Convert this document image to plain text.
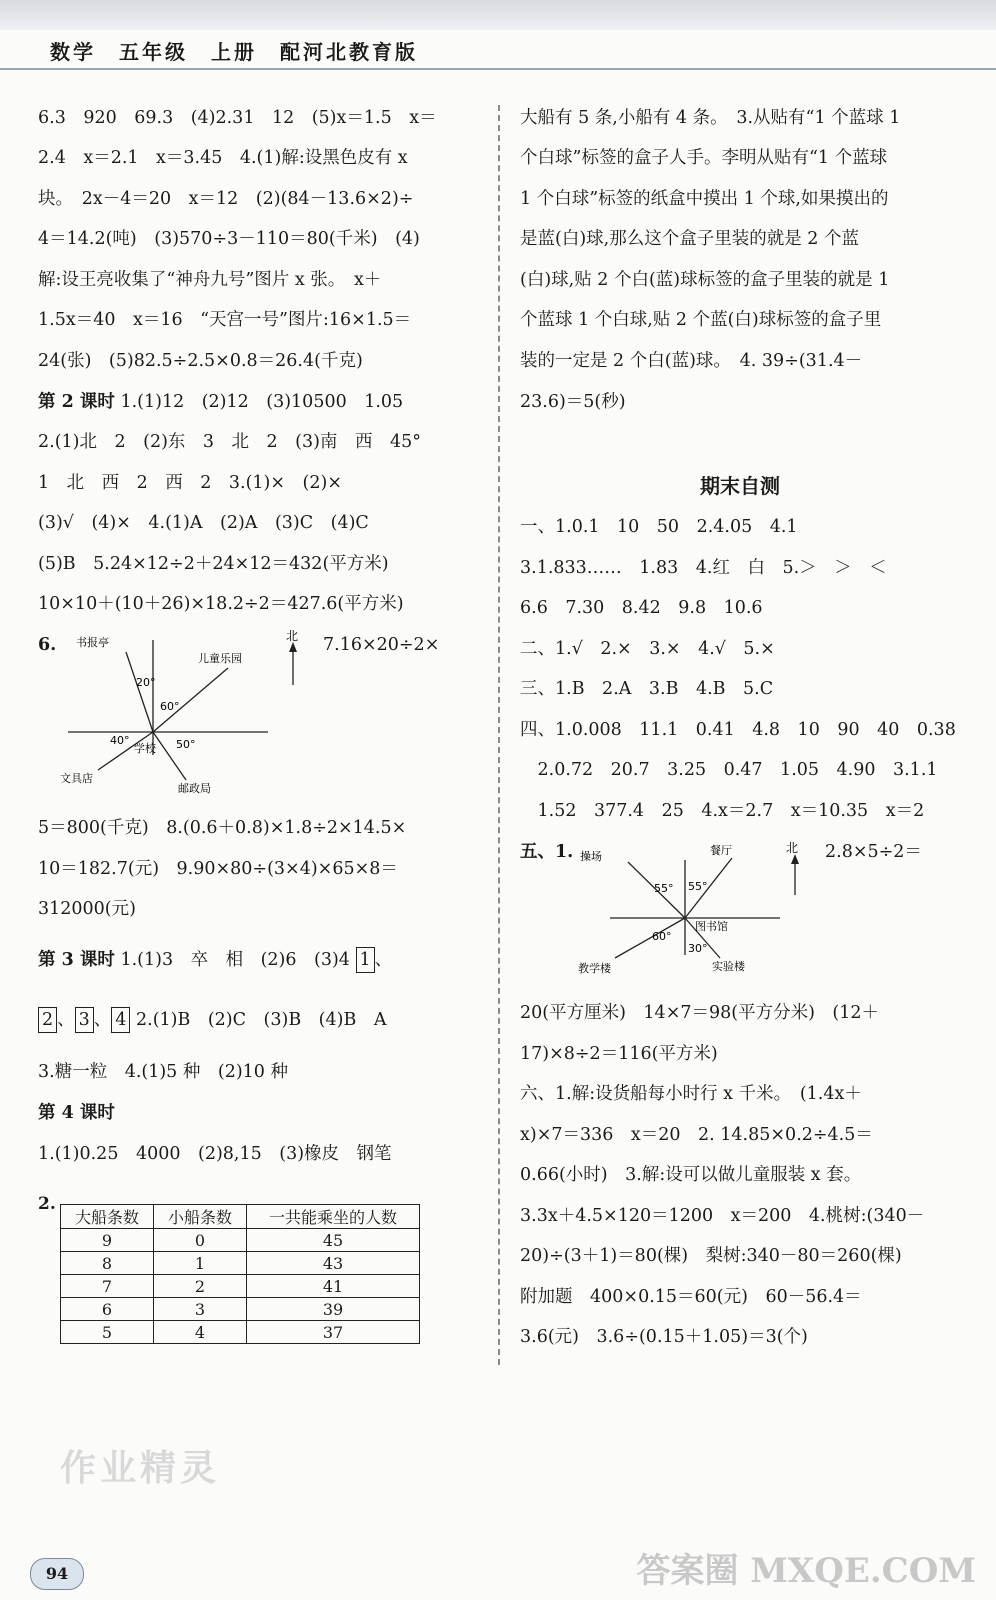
数学　五年级　上册　配河北教育版
6.3　920　69.3　(4)2.31　12　(5)x＝1.5　x＝
2.4　x＝2.1　x＝3.45　4.(1)解:设黑色皮有 x
块。　2x－4＝20　x＝12　(2)(84－13.6×2)÷
4＝14.2(吨)　(3)570÷3－110＝80(千米)　(4)
解:设王亮收集了“神舟九号”图片 x 张。　x＋
1.5x＝40　x＝16　“天宫一号”图片:16×1.5＝
24(张)　(5)82.5÷2.5×0.8＝26.4(千克)
第 2 课时 1.(1)12　(2)12　(3)10500　1.05
2.(1)北　2　(2)东　3　北　2　(3)南　西　45°
1　北　西　2　西　2　3.(1)×　(2)×
(3)√　(4)×　4.(1)A　(2)A　(3)C　(4)C
(5)B　5.24×12÷2＋24×12＝432(平方米)
10×10＋(10＋26)×18.2÷2＝427.6(平方米)
6.	7.16×20÷2×
书报亭
儿童乐园
北
文具店
学校
邮政局
20°
60°
40°	50°
5＝800(千克)　8.(0.6＋0.8)×1.8÷2×14.5×
10＝182.7(元)　9.90×80÷(3×4)×65×8＝
312000(元)
第 3 课时 1.(1)3　卒　相　(2)6　(3)4 1 、
2 、 3 、 4 2.(1)B　(2)C　(3)B　(4)B　A
3.糖一粒　4.(1)5 种　(2)10 种
第 4 课时
1.(1)0.25　4000　(2)8,15　(3)橡皮　钢笔
2.
大船条数	小船条数	一共能乘坐的人数
9	0	45
8	1	43
7	2	41
6	3	39
5	4	37
大船有 5 条,小船有 4 条。　3.从贴有“1 个蓝球 1
个白球”标签的盒子人手。李明从贴有“1 个蓝球
1 个白球”标签的纸盒中摸出 1 个球,如果摸出的
是蓝(白)球,那么这个盒子里装的就是 2 个蓝
(白)球,贴 2 个白(蓝)球标签的盒子里装的就是 1
个蓝球 1 个白球,贴 2 个蓝(白)球标签的盒子里
装的一定是 2 个白(蓝)球。　4. 39÷(31.4－
23.6)＝5(秒)
期末自测
一、1.0.1　10　50　2.4.05　4.1
3.1.833……　1.83　4.红　白　5.＞　＞　＜
6.6　7.30　8.42　9.8　10.6
二、1.√　2.×　3.×　4.√　5.×
三、1.B　2.A　3.B　4.B　5.C
四、1.0.008　11.1　0.41　4.8　10　90　40　0.38
　2.0.72　20.7　3.25　0.47　1.05　4.90　3.1.1
　1.52　377.4　25　4.x＝2.7　x＝10.35　x＝2
五、1.	2.8×5÷2＝
操场	餐厅	北
图书馆
教学楼	实验楼
55° 55°
60°
30°
20(平方厘米)　14×7＝98(平方分米)　(12＋
17)×8÷2＝116(平方米)
六、1.解:设货船每小时行 x 千米。　(1.4x＋
x)×7＝336　x＝20　2. 14.85×0.2÷4.5＝
0.66(小时)　3.解:设可以做儿童服装 x 套。
3.3x＋4.5×120＝1200　x＝200　4.桃树:(340－
20)÷(3＋1)＝80(棵)　梨树:340－80＝260(棵)
附加题　400×0.15＝60(元)　60－56.4＝
3.6(元)　3.6÷(0.15＋1.05)＝3(个)
作业精灵
答案圈 MXQE.COM
94
